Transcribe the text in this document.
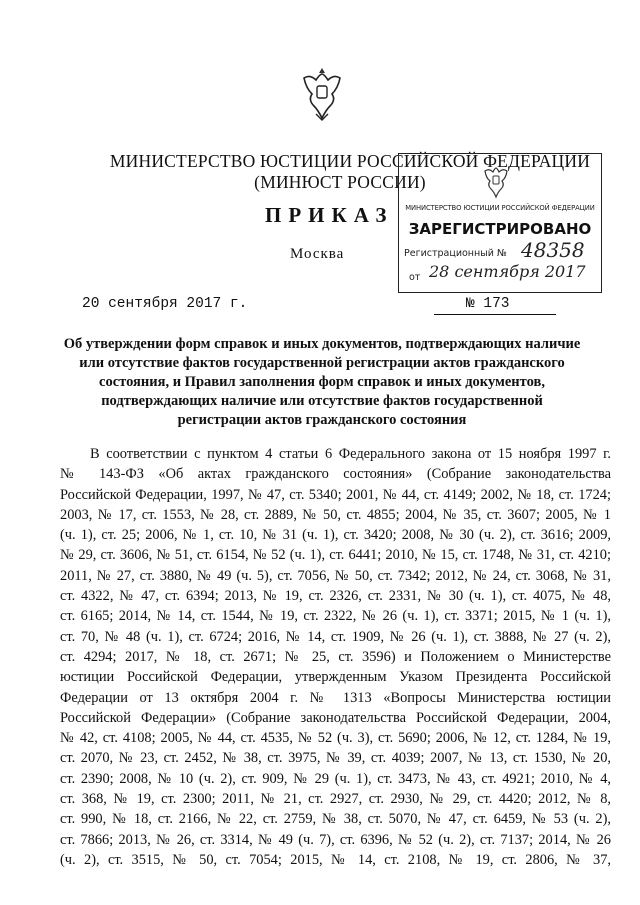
МИНИСТЕРСТВО ЮСТИЦИИ РОССИЙСКОЙ ФЕДЕРАЦИИ
(МИНЮСТ РОССИИ)
ПРИКАЗ
Москва
20 сентября 2017 г.	№ 173
МИНИСТЕРСТВО ЮСТИЦИИ РОССИЙСКОЙ ФЕДЕРАЦИИ
ЗАРЕГИСТРИРОВАНО
Регистрационный № 48358
от 28 сентября 2017
Об утверждении форм справок и иных документов, подтверждающих наличие или отсутствие фактов государственной регистрации актов гражданского состояния, и Правил заполнения форм справок и иных документов, подтверждающих наличие или отсутствие фактов государственной регистрации актов гражданского состояния
В соответствии с пунктом 4 статьи 6 Федерального закона от 15 ноября 1997 г.
№ 143-ФЗ «Об актах гражданского состояния» (Собрание законодательства
Российской Федерации, 1997, № 47, ст. 5340; 2001, № 44, ст. 4149; 2002, № 18, ст. 1724;
2003, № 17, ст. 1553, № 28, ст. 2889, № 50, ст. 4855; 2004, № 35, ст. 3607; 2005, № 1
(ч. 1), ст. 25; 2006, № 1, ст. 10, № 31 (ч. 1), ст. 3420; 2008, № 30 (ч. 2), ст. 3616; 2009,
№ 29, ст. 3606, № 51, ст. 6154, № 52 (ч. 1), ст. 6441; 2010, № 15, ст. 1748, № 31, ст. 4210;
2011, № 27, ст. 3880, № 49 (ч. 5), ст. 7056, № 50, ст. 7342; 2012, № 24, ст. 3068, № 31,
ст. 4322, № 47, ст. 6394; 2013, № 19, ст. 2326, ст. 2331, № 30 (ч. 1), ст. 4075, № 48,
ст. 6165; 2014, № 14, ст. 1544, № 19, ст. 2322, № 26 (ч. 1), ст. 3371; 2015, № 1 (ч. 1),
ст. 70, № 48 (ч. 1), ст. 6724; 2016, № 14, ст. 1909, № 26 (ч. 1), ст. 3888, № 27 (ч. 2),
ст. 4294; 2017, № 18, ст. 2671; № 25, ст. 3596) и Положением о Министерстве
юстиции Российской Федерации, утвержденным Указом Президента Российской
Федерации от 13 октября 2004 г. № 1313 «Вопросы Министерства юстиции
Российской Федерации» (Собрание законодательства Российской Федерации, 2004,
№ 42, ст. 4108; 2005, № 44, ст. 4535, № 52 (ч. 3), ст. 5690; 2006, № 12, ст. 1284, № 19,
ст. 2070, № 23, ст. 2452, № 38, ст. 3975, № 39, ст. 4039; 2007, № 13, ст. 1530, № 20,
ст. 2390; 2008, № 10 (ч. 2), ст. 909, № 29 (ч. 1), ст. 3473, № 43, ст. 4921; 2010, № 4,
ст. 368, № 19, ст. 2300; 2011, № 21, ст. 2927, ст. 2930, № 29, ст. 4420; 2012, № 8,
ст. 990, № 18, ст. 2166, № 22, ст. 2759, № 38, ст. 5070, № 47, ст. 6459, № 53 (ч. 2),
ст. 7866; 2013, № 26, ст. 3314, № 49 (ч. 7), ст. 6396, № 52 (ч. 2), ст. 7137; 2014, № 26
(ч. 2), ст. 3515, № 50, ст. 7054; 2015, № 14, ст. 2108, № 19, ст. 2806, № 37,
